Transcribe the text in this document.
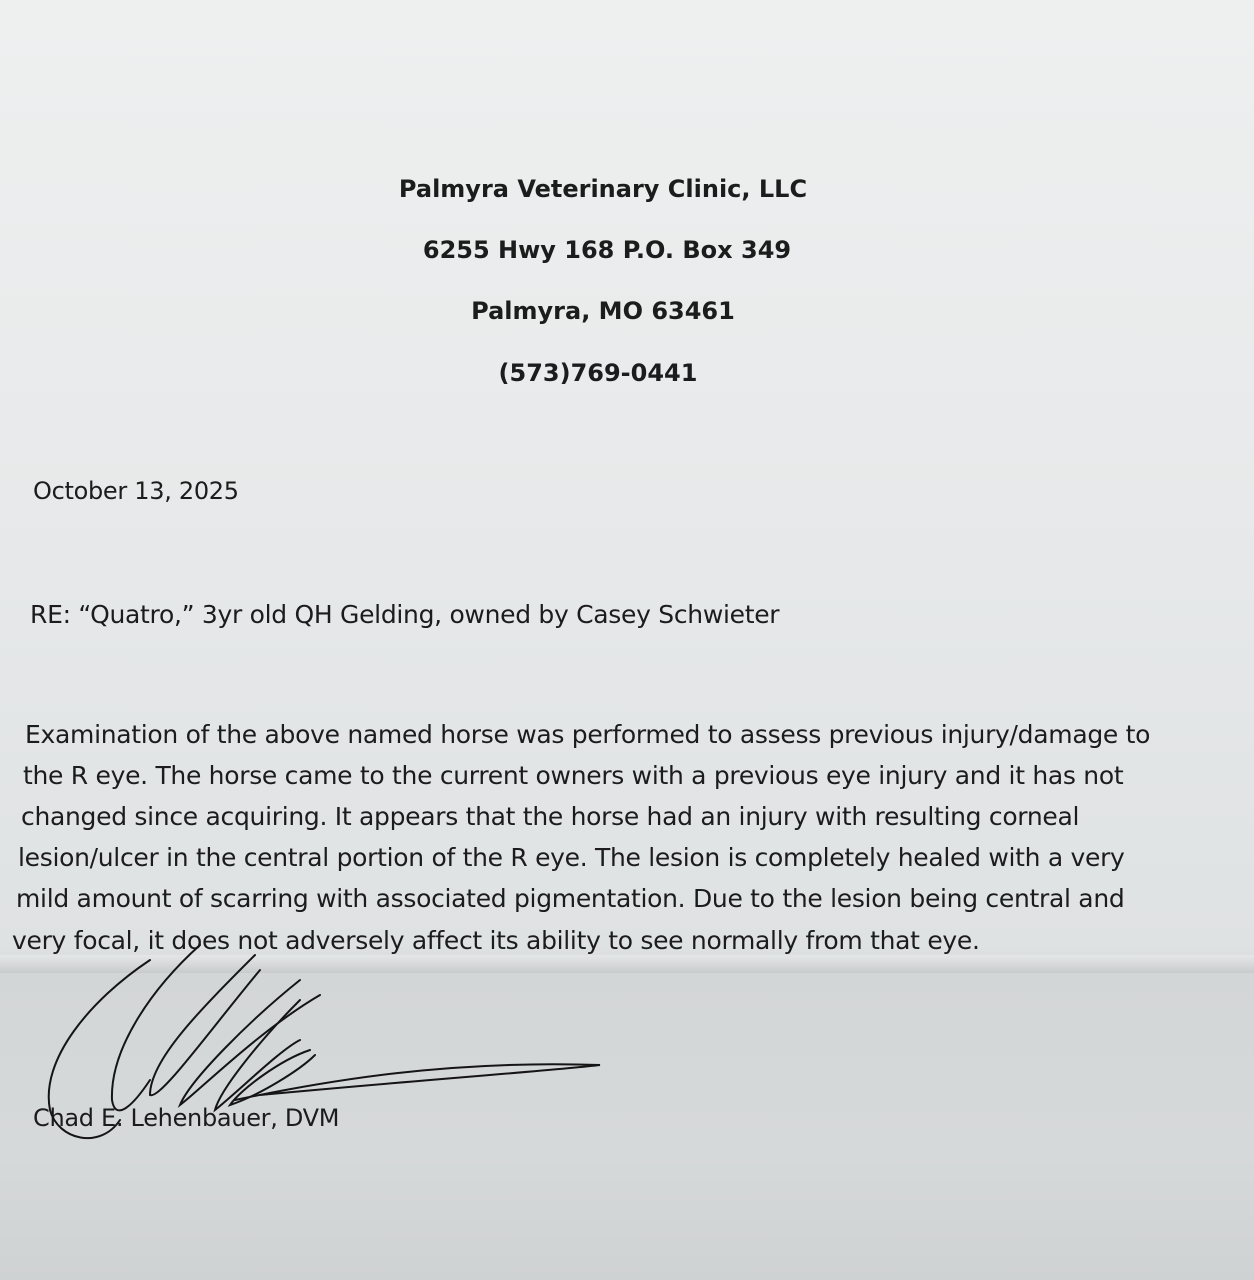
Palmyra Veterinary Clinic, LLC
6255 Hwy 168 P.O. Box 349
Palmyra, MO 63461
(573)769-0441
October 13, 2025
RE: “Quatro,” 3yr old QH Gelding, owned by Casey Schwieter
Examination of the above named horse was performed to assess previous injury/damage to
the R eye. The horse came to the current owners with a previous eye injury and it has not
changed since acquiring. It appears that the horse had an injury with resulting corneal
lesion/ulcer in the central portion of the R eye. The lesion is completely healed with a very
mild amount of scarring with associated pigmentation. Due to the lesion being central and
very focal, it does not adversely affect its ability to see normally from that eye.
Chad E. Lehenbauer, DVM
